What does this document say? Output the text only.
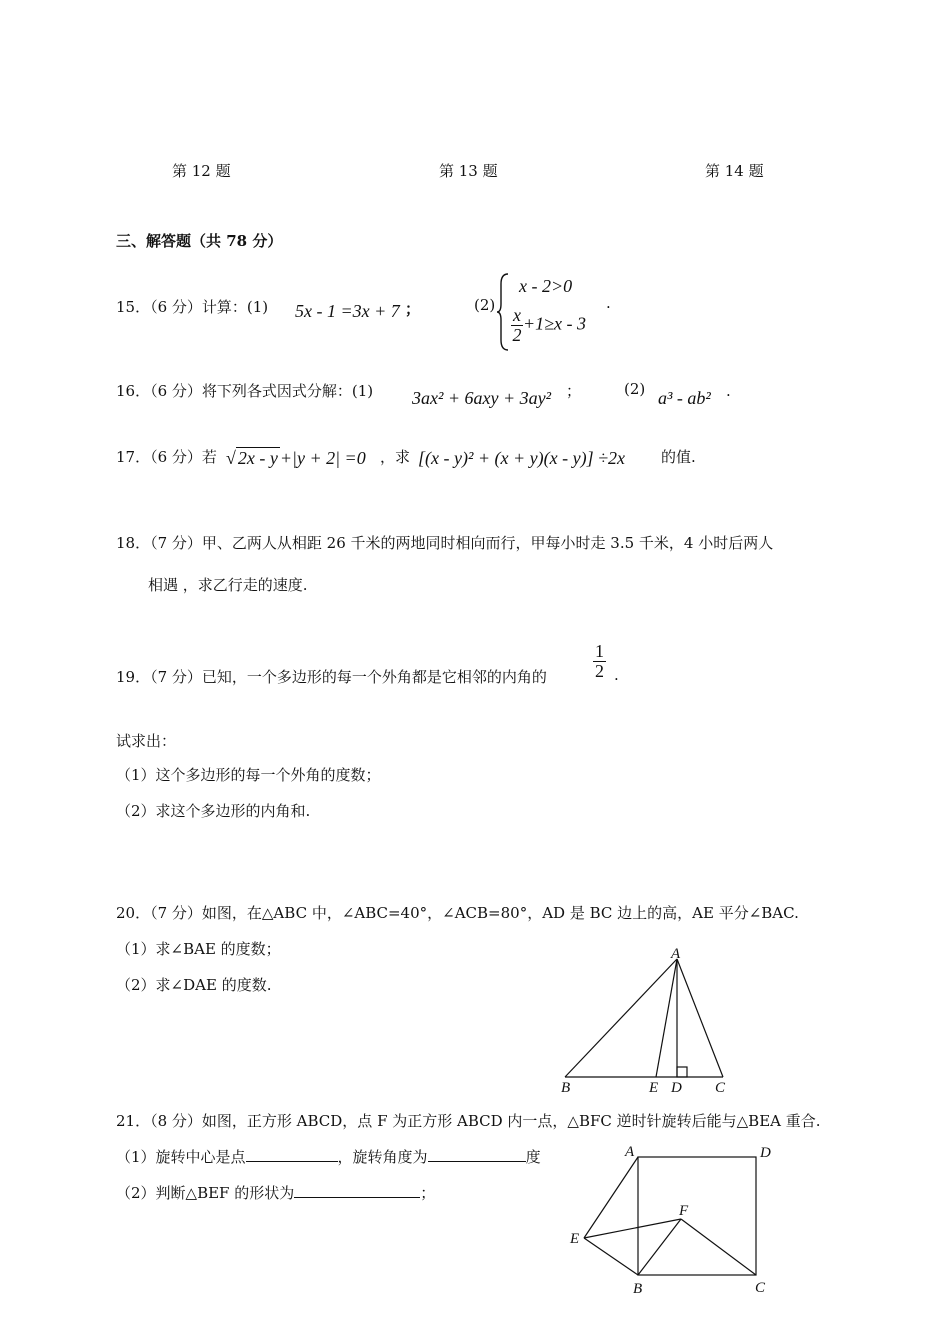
第 12 题	第 13 题	第 14 题
三、解答题（共 78 分）
15．（6 分）计算：(1) 5x - 1 =3x + 7 ；	(2)
x - 2>0
$\frac{x}{2} +1\ge x - 3$
.
16．（6 分）将下列各式因式分解：(1) 3ax² + 6axy + 3ay² ；	(2) a³ - ab² .
17．（6 分）若 √ 2x - y +|y + 2| =0 ，求 [(x - y)² + (x + y)(x - y)] ÷2x 的值.
18．（7 分）甲、乙两人从相距 26 千米的两地同时相向而行，甲每小时走 3.5 千米，4 小时后两人
相遇 ，求乙行走的速度.
19．（7 分）已知，一个多边形的每一个外角都是它相邻的内角的	$\frac{1}{2}$ .
试求出：
（1）这个多边形的每一个外角的度数；
（2）求这个多边形的内角和.
20．（7 分）如图，在△ABC 中，∠ABC=40°，∠ACB=80°，AD 是 BC 边上的高，AE 平分∠BAC.
（1）求∠BAE 的度数；
（2）求∠DAE 的度数.
A
B	E D C
21．（8 分）如图，正方形 ABCD，点 F 为正方形 ABCD 内一点，△BFC 逆时针旋转后能与△BEA 重合.
（1）旋转中心是点	，旋转角度为	度
（2）判断△BEF 的形状为	；
A	D
F
E
B	C
